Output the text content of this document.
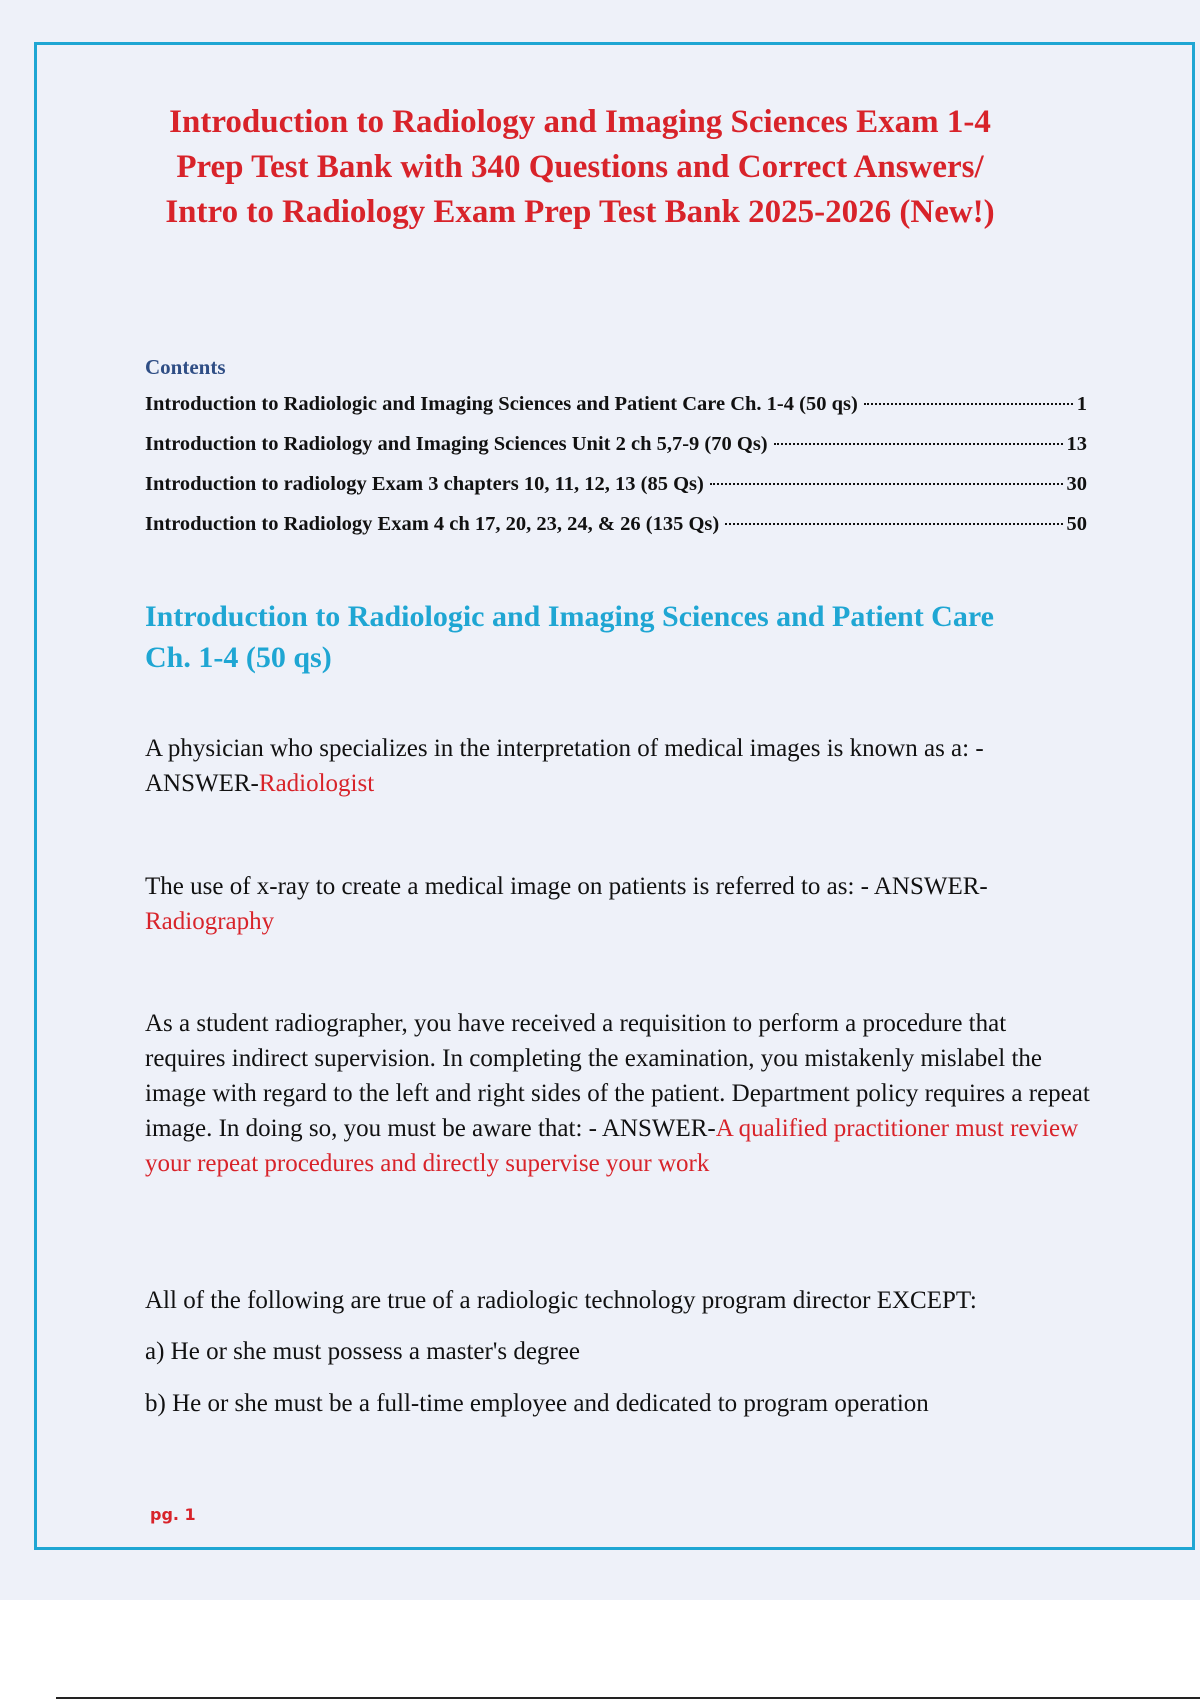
Introduction to Radiology and Imaging Sciences Exam 1-4
Prep Test Bank with 340 Questions and Correct Answers/
Intro to Radiology Exam Prep Test Bank 2025-2026 (New!)
Contents
Introduction to Radiologic and Imaging Sciences and Patient Care Ch. 1-4 (50 qs)	1
Introduction to Radiology and Imaging Sciences Unit 2 ch 5,7-9 (70 Qs)	13
Introduction to radiology Exam 3 chapters 10, 11, 12, 13 (85 Qs)	30
Introduction to Radiology Exam 4 ch 17, 20, 23, 24, & 26 (135 Qs)	50
Introduction to Radiologic and Imaging Sciences and Patient Care
Ch. 1-4 (50 qs)

A physician who specializes in the interpretation of medical images is known as a: - ANSWER-Radiologist

The use of x-ray to create a medical image on patients is referred to as: - ANSWER-Radiography

As a student radiographer, you have received a requisition to perform a procedure that requires indirect supervision. In completing the examination, you mistakenly mislabel the image with regard to the left and right sides of the patient. Department policy requires a repeat image. In doing so, you must be aware that: - ANSWER-A qualified practitioner must review your repeat procedures and directly supervise your work

All of the following are true of a radiologic technology program director EXCEPT:

a) He or she must possess a master's degree

b) He or she must be a full-time employee and dedicated to program operation

pg. 1
